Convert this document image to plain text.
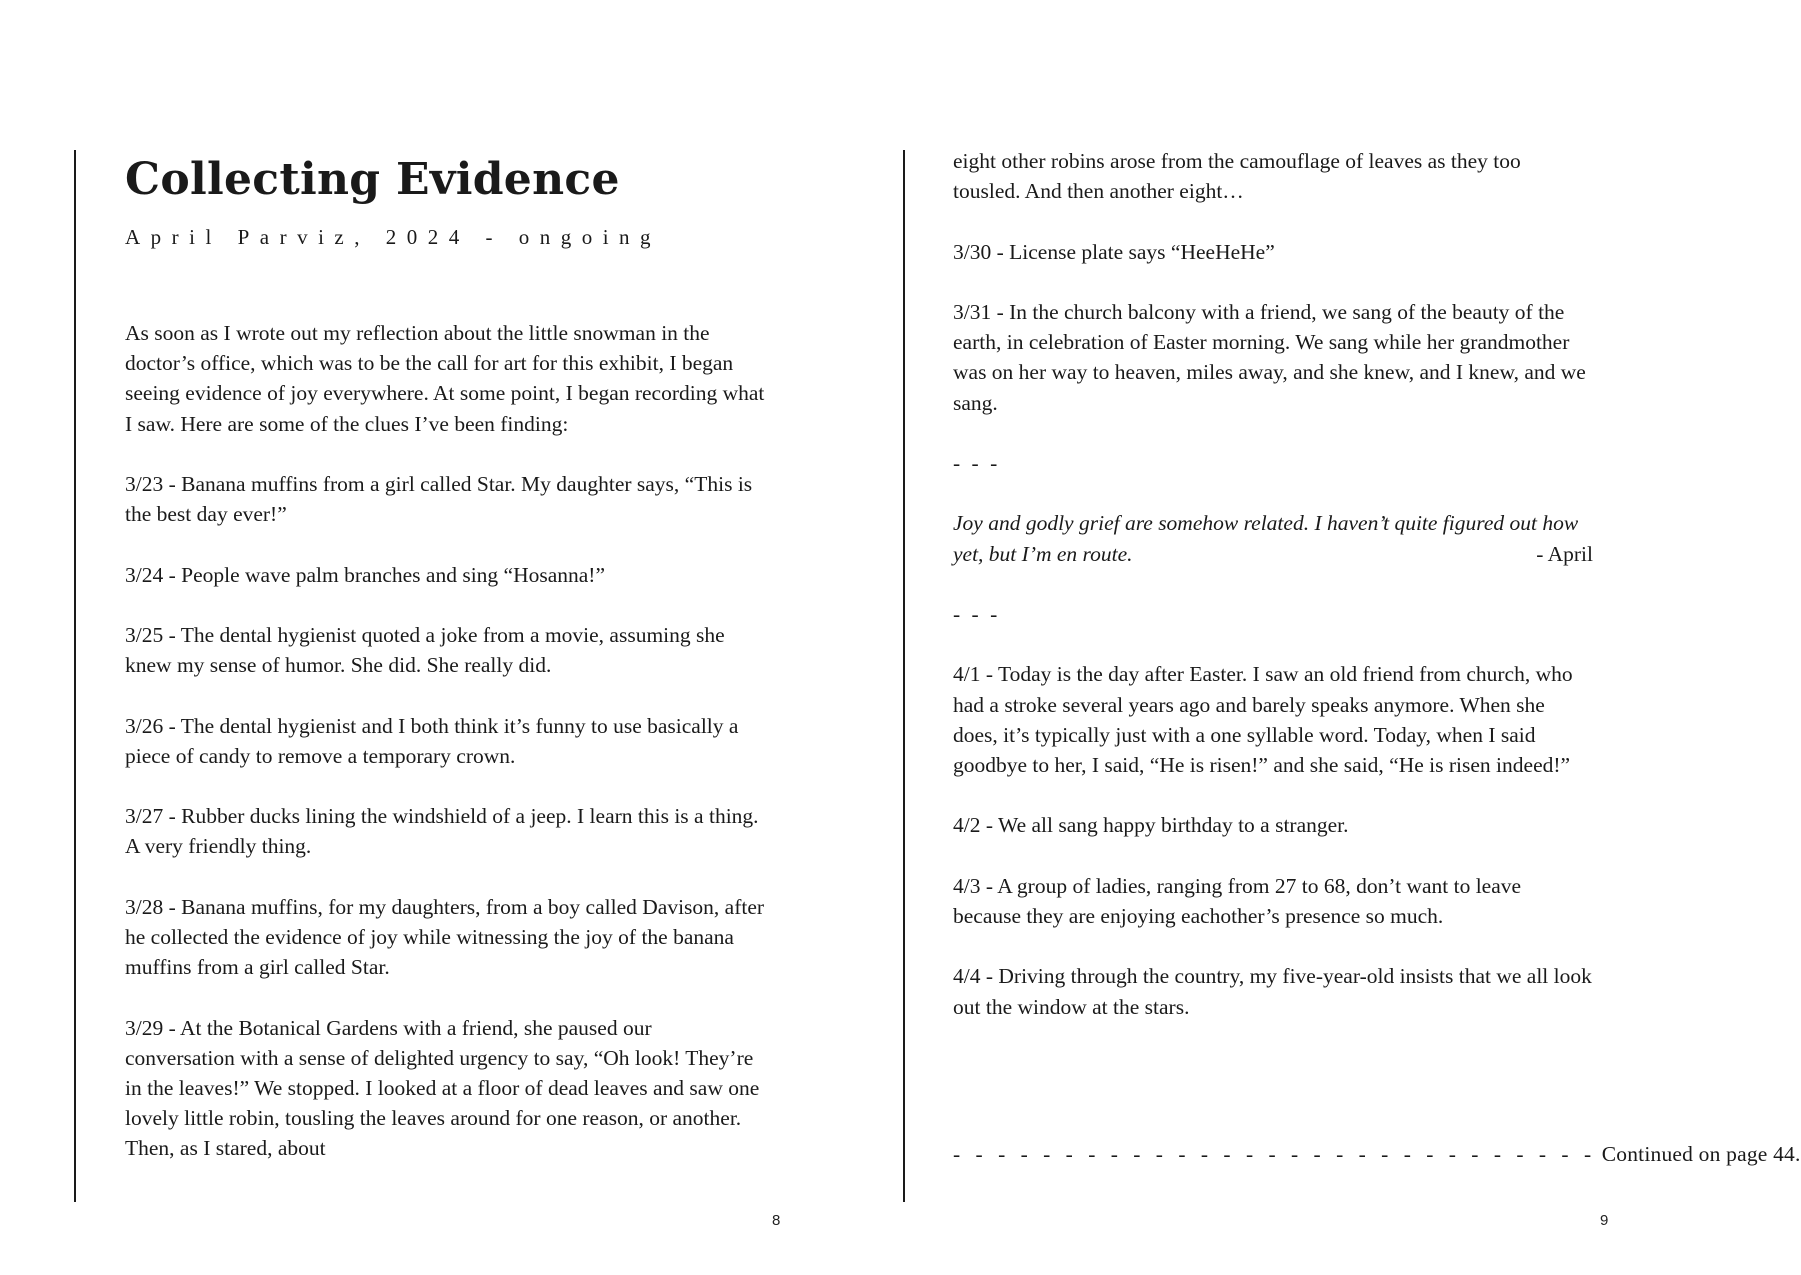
Collecting Evidence
April Parviz, 2024 - ongoing

As soon as I wrote out my reflection about the little snowman in the doctor’s office, which was to be the call for art for this exhibit, I began seeing evidence of joy everywhere. At some point, I began recording what I saw. Here are some of the clues I’ve been finding:

3/23 - Banana muffins from a girl called Star. My daughter says, “This is the best day ever!”

3/24 - People wave palm branches and sing “Hosanna!”

3/25 - The dental hygienist quoted a joke from a movie, assuming she knew my sense of humor. She did. She really did.

3/26 - The dental hygienist and I both think it’s funny to use basically a piece of candy to remove a temporary crown.

3/27 - Rubber ducks lining the windshield of a jeep. I learn this is a thing. A very friendly thing.

3/28 - Banana muffins, for my daughters, from a boy called Davison, after he collected the evidence of joy while witnessing the joy of the banana muffins from a girl called Star.

3/29 - At the Botanical Gardens with a friend, she paused our conversation with a sense of delighted urgency to say, “Oh look! They’re in the leaves!” We stopped. I looked at a floor of dead leaves and saw one lovely little robin, tousling the leaves around for one reason, or another. Then, as I stared, about

eight other robins arose from the camouflage of leaves as they too tousled. And then another eight…

3/30 - License plate says “HeeHeHe”

3/31 - In the church balcony with a friend, we sang of the beauty of the earth, in celebration of Easter morning. We sang while her grandmother was on her way to heaven, miles away, and she knew, and I knew, and we sang.

- - -
Joy and godly grief are somehow related. I haven’t quite figured out how yet, but I’m en route.	- April
- - -

4/1 - Today is the day after Easter. I saw an old friend from church, who had a stroke several years ago and barely speaks anymore. When she does, it’s typically just with a one syllable word. Today, when I said goodbye to her, I said, “He is risen!” and she said, “He is risen indeed!”

4/2 - We all sang happy birthday to a stranger.

4/3 - A group of ladies, ranging from 27 to 68, don’t want to leave because they are enjoying eachother’s presence so much.

4/4 - Driving through the country, my five-year-old insists that we all look out the window at the stars.

- - - - - - - - - - - - - - - - - - - - - - - - - - - - - Continued on page 44.
8	9
